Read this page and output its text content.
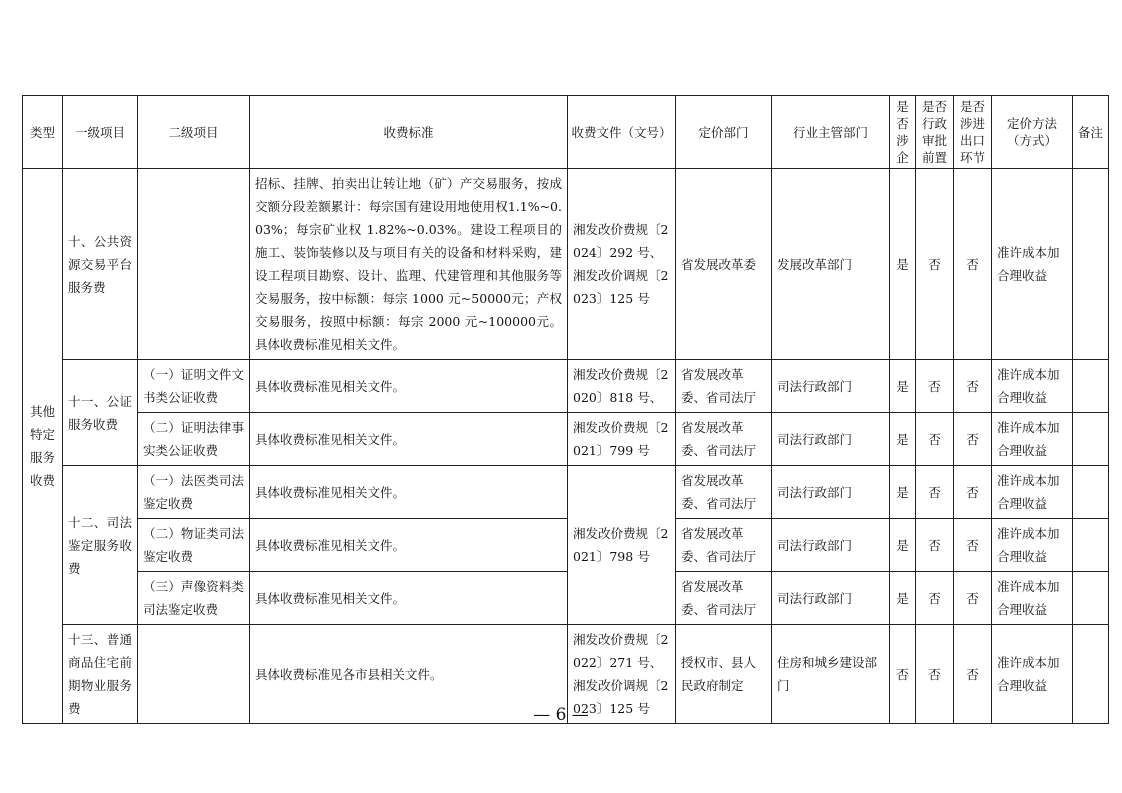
类型	一级项目	二级项目	收费标准	收费文件（文号）	定价部门	行业主管部门	是否涉企	是否行政审批前置	是否涉进出口环节	定价方法（方式）	备注
其他特定服务收费	十、公共资源交易平台服务费		招标、挂牌、拍卖出让转让地（矿）产交易服务，按成交额分段差额累计：每宗国有建设用地使用权1.1%~0.03%；每宗矿业权 1.82%~0.03%。建设工程项目的施工、装饰装修以及与项目有关的设备和材料采购，建设工程项目勘察、设计、监理、代建管理和其他服务等交易服务，按中标额：每宗 1000 元~50000元；产权交易服务，按照中标额：每宗 2000 元~100000元。具体收费标准见相关文件。	湘发改价费规〔2024〕292 号、湘发改价调规〔2023〕125 号	省发展改革委	发展改革部门	是	否	否	准许成本加合理收益	
	十一、公证服务收费	（一）证明文件文书类公证收费	具体收费标准见相关文件。	湘发改价费规〔2020〕818 号、	省发展改革委、省司法厅	司法行政部门	是	否	否	准许成本加合理收益	
		（二）证明法律事实类公证收费	具体收费标准见相关文件。	湘发改价费规〔2021〕799 号	省发展改革委、省司法厅	司法行政部门	是	否	否	准许成本加合理收益	
	十二、司法鉴定服务收费	（一）法医类司法鉴定收费	具体收费标准见相关文件。	湘发改价费规〔2021〕798 号	省发展改革委、省司法厅	司法行政部门	是	否	否	准许成本加合理收益	
		（二）物证类司法鉴定收费	具体收费标准见相关文件。		省发展改革委、省司法厅	司法行政部门	是	否	否	准许成本加合理收益	
		（三）声像资料类司法鉴定收费	具体收费标准见相关文件。		省发展改革委、省司法厅	司法行政部门	是	否	否	准许成本加合理收益	
	十三、普通商品住宅前期物业服务费		具体收费标准见各市县相关文件。	湘发改价费规〔2022〕271 号、湘发改价调规〔2023〕125 号	授权市、县人民政府制定	住房和城乡建设部门	否	否	否	准许成本加合理收益	
— 6 —
